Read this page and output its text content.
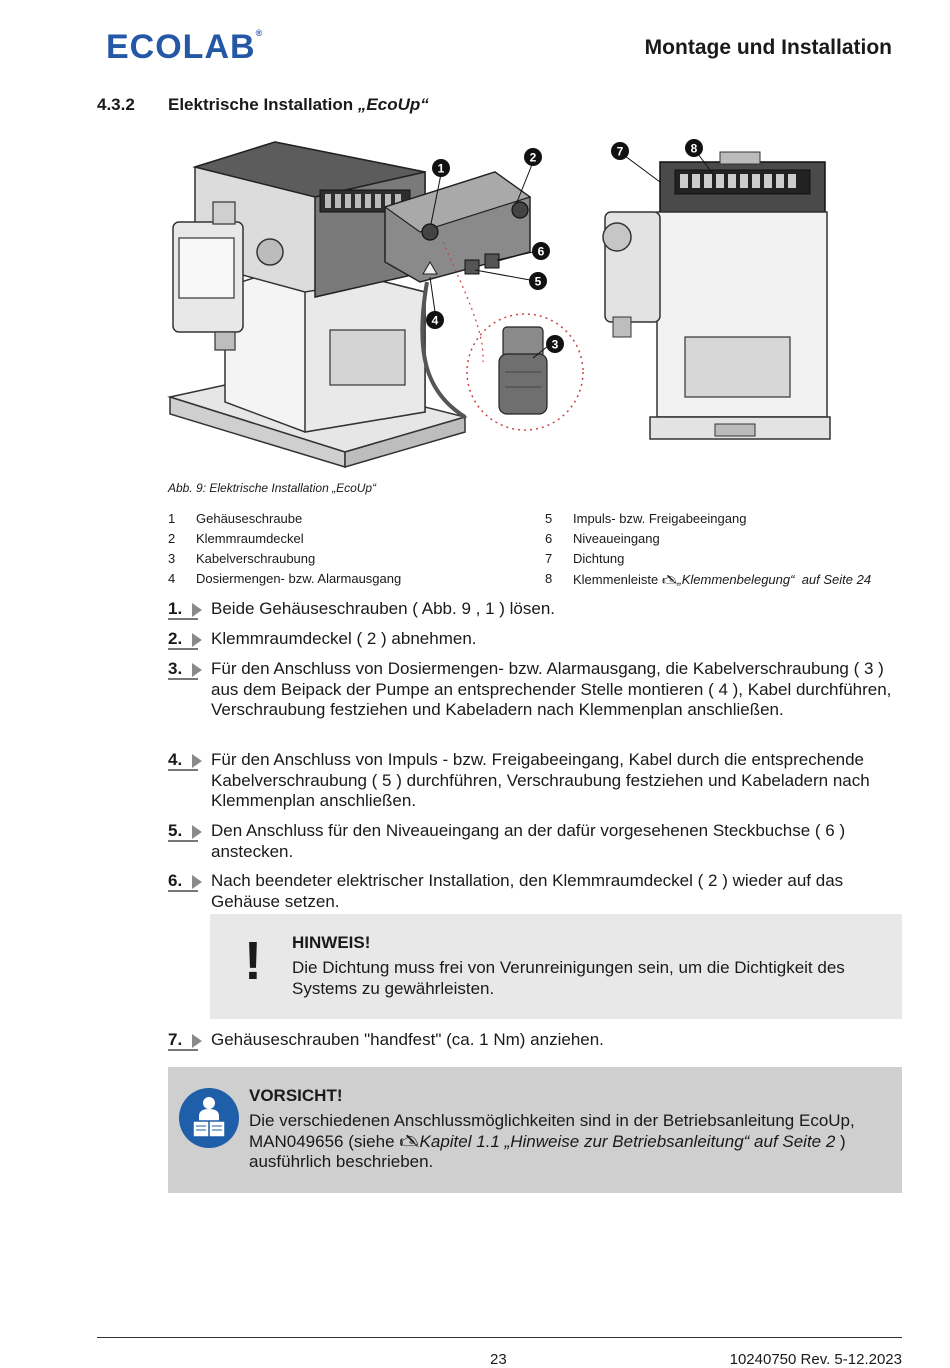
ECOLAB®
Montage und Installation
4.3.2 Elektrische Installation „EcoUp“
1
2
3
4
5
6
7	8
Abb. 9: Elektrische Installation „EcoUp“
1 Gehäuseschraube
2 Klemmraumdeckel
3 Kabelverschraubung
4 Dosiermengen- bzw. Alarmausgang
5 Impuls- bzw. Freigabeeingang
6 Niveaueingang
7 Dichtung
8 Klemmenleiste 🖎„Klemmenbelegung“ auf Seite 24
1.	Beide Gehäuseschrauben ( Abb. 9 , 1 ) lösen.
2.	Klemmraumdeckel ( 2 ) abnehmen.
3.	Für den Anschluss von Dosiermengen- bzw. Alarmausgang, die Kabelverschraubung ( 3 ) aus dem Beipack der Pumpe an entsprechender Stelle montieren ( 4 ), Kabel durchführen, Verschraubung festziehen und Kabeladern nach Klemmenplan anschließen.
4.	Für den Anschluss von Impuls - bzw. Freigabeeingang, Kabel durch die entsprechende Kabelverschraubung ( 5 ) durchführen, Verschraubung festziehen und Kabeladern nach Klemmenplan anschließen.
5.	Den Anschluss für den Niveaueingang an der dafür vorgesehenen Steckbuchse ( 6 ) anstecken.
6.	Nach beendeter elektrischer Installation, den Klemmraumdeckel ( 2 ) wieder auf das Gehäuse setzen.
! HINWEIS!
Die Dichtung muss frei von Verunreinigungen sein, um die Dichtigkeit des Systems zu gewährleisten.
7.	Gehäuseschrauben "handfest" (ca. 1 Nm) anziehen.
VORSICHT!
Die verschiedenen Anschlussmöglichkeiten sind in der Betriebsanleitung EcoUp, MAN049656 (siehe 🖎Kapitel 1.1 „Hinweise zur Betriebsanleitung“ auf Seite 2 ) ausführlich beschrieben.
23	10240750 Rev. 5-12.2023
